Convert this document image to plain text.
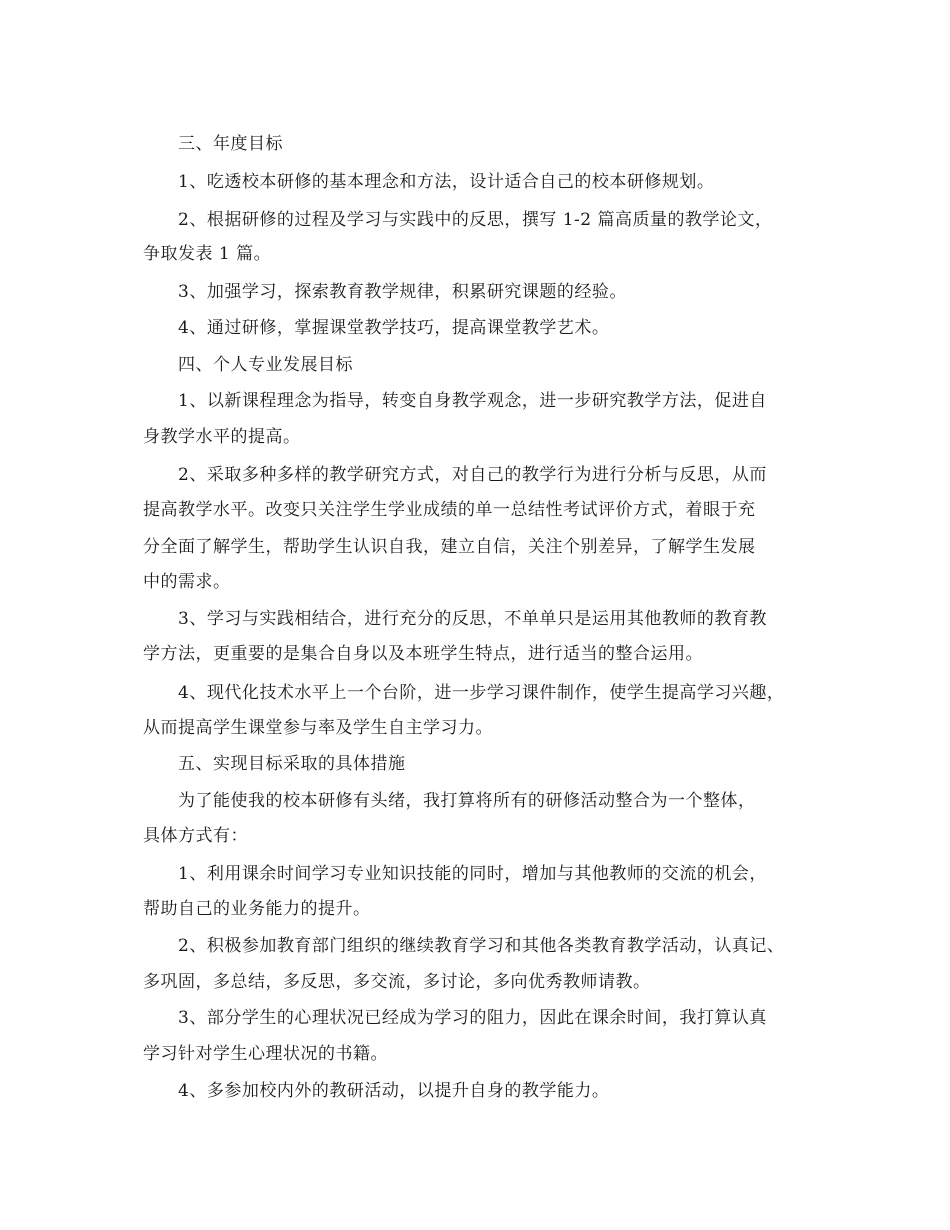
三、年度目标
1、吃透校本研修的基本理念和方法，设计适合自己的校本研修规划。
2、根据研修的过程及学习与实践中的反思，撰写 1-2 篇高质量的教学论文，
争取发表 1 篇。
3、加强学习，探索教育教学规律，积累研究课题的经验。
4、通过研修，掌握课堂教学技巧，提高课堂教学艺术。
四、个人专业发展目标
1、以新课程理念为指导，转变自身教学观念，进一步研究教学方法，促进自
身教学水平的提高。
2、采取多种多样的教学研究方式，对自己的教学行为进行分析与反思，从而
提高教学水平。改变只关注学生学业成绩的单一总结性考试评价方式，着眼于充
分全面了解学生，帮助学生认识自我，建立自信，关注个别差异，了解学生发展
中的需求。
3、学习与实践相结合，进行充分的反思，不单单只是运用其他教师的教育教
学方法，更重要的是集合自身以及本班学生特点，进行适当的整合运用。
4、现代化技术水平上一个台阶，进一步学习课件制作，使学生提高学习兴趣，
从而提高学生课堂参与率及学生自主学习力。
五、实现目标采取的具体措施
为了能使我的校本研修有头绪，我打算将所有的研修活动整合为一个整体，
具体方式有：
1、利用课余时间学习专业知识技能的同时，增加与其他教师的交流的机会，
帮助自己的业务能力的提升。
2、积极参加教育部门组织的继续教育学习和其他各类教育教学活动，认真记、
多巩固，多总结，多反思，多交流，多讨论，多向优秀教师请教。
3、部分学生的心理状况已经成为学习的阻力，因此在课余时间，我打算认真
学习针对学生心理状况的书籍。
4、多参加校内外的教研活动，以提升自身的教学能力。
